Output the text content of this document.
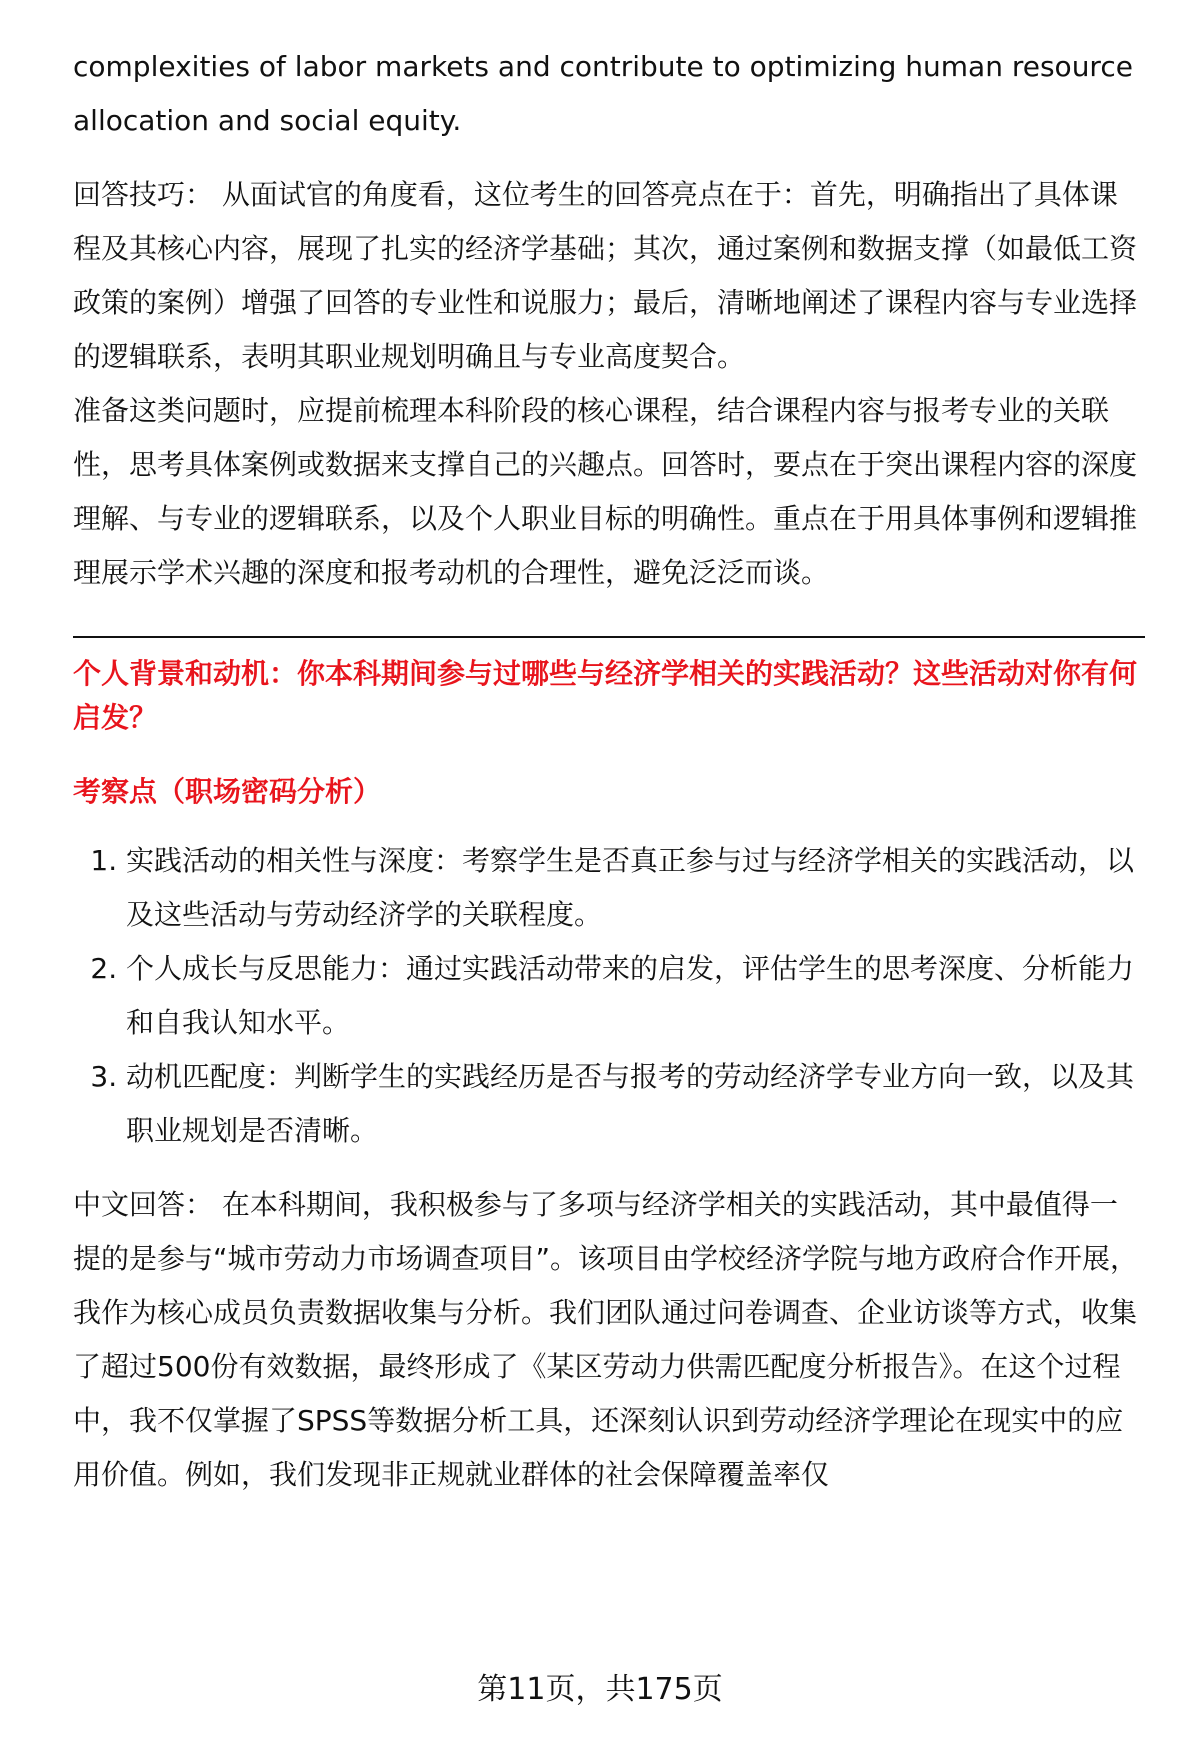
complexities of labor markets and contribute to optimizing human resource allocation and social equity.

回答技巧： 从面试官的角度看，这位考生的回答亮点在于：首先，明确指出了具体课程及其核心内容，展现了扎实的经济学基础；其次，通过案例和数据支撑（如最低工资政策的案例）增强了回答的专业性和说服力；最后，清晰地阐述了课程内容与专业选择的逻辑联系，表明其职业规划明确且与专业高度契合。

准备这类问题时，应提前梳理本科阶段的核心课程，结合课程内容与报考专业的关联性，思考具体案例或数据来支撑自己的兴趣点。回答时，要点在于突出课程内容的深度理解、与专业的逻辑联系，以及个人职业目标的明确性。重点在于用具体事例和逻辑推理展示学术兴趣的深度和报考动机的合理性，避免泛泛而谈。

个人背景和动机：你本科期间参与过哪些与经济学相关的实践活动？这些活动对你有何启发？

考察点（职场密码分析）

1. 实践活动的相关性与深度：考察学生是否真正参与过与经济学相关的实践活动，以及这些活动与劳动经济学的关联程度。
2. 个人成长与反思能力：通过实践活动带来的启发，评估学生的思考深度、分析能力和自我认知水平。
3. 动机匹配度：判断学生的实践经历是否与报考的劳动经济学专业方向一致，以及其职业规划是否清晰。

中文回答： 在本科期间，我积极参与了多项与经济学相关的实践活动，其中最值得一提的是参与“城市劳动力市场调查项目”。该项目由学校经济学院与地方政府合作开展，我作为核心成员负责数据收集与分析。我们团队通过问卷调查、企业访谈等方式，收集了超过500份有效数据，最终形成了《某区劳动力供需匹配度分析报告》。在这个过程中，我不仅掌握了SPSS等数据分析工具，还深刻认识到劳动经济学理论在现实中的应用价值。例如，我们发现非正规就业群体的社会保障覆盖率仅

第11页，共175页
